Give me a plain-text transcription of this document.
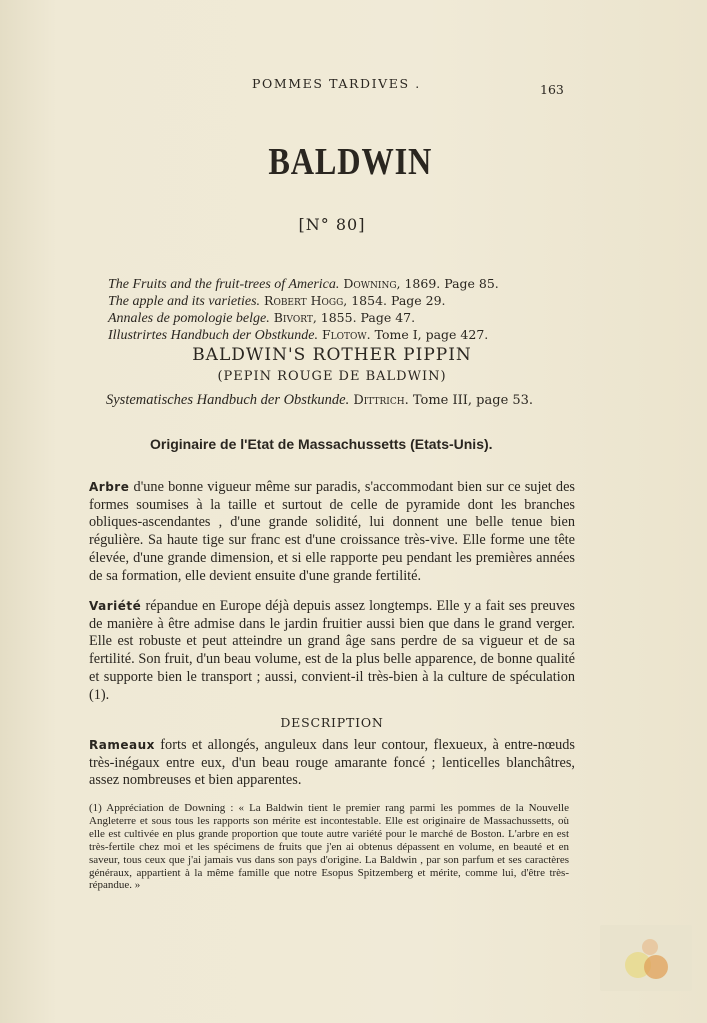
POMMES TARDIVES .	163
BALDWIN
[N° 80]
The Fruits and the fruit-trees of America. Downing, 1869. Page 85.
The apple and its varieties. Robert Hogg, 1854. Page 29.
Annales de pomologie belge. Bivort, 1855. Page 47.
Illustrirtes Handbuch der Obstkunde. Flotow. Tome I, page 427.
BALDWIN'S ROTHER PIPPIN
(PEPIN ROUGE DE BALDWIN)
Systematisches Handbuch der Obstkunde. Dittrich. Tome III, page 53.
Originaire de l'Etat de Massachussetts (Etats-Unis).
Arbre d'une bonne vigueur même sur paradis, s'accommodant bien sur ce sujet des formes soumises à la taille et surtout de celle de pyramide dont les branches obliques-ascendantes , d'une grande solidité, lui donnent une belle tenue bien régulière. Sa haute tige sur franc est d'une croissance très-vive. Elle forme une tête élevée, d'une grande dimension, et si elle rapporte peu pendant les premières années de sa formation, elle devient ensuite d'une grande fertilité.
Variété répandue en Europe déjà depuis assez longtemps. Elle y a fait ses preuves de manière à être admise dans le jardin fruitier aussi bien que dans le grand verger. Elle est robuste et peut atteindre un grand âge sans perdre de sa vigueur et de sa fertilité. Son fruit, d'un beau volume, est de la plus belle apparence, de bonne qualité et supporte bien le transport ; aussi, convient-il très-bien à la culture de spéculation (1).
DESCRIPTION
Rameaux forts et allongés, anguleux dans leur contour, flexueux, à entre-nœuds très-inégaux entre eux, d'un beau rouge amarante foncé ; lenticelles blanchâtres, assez nombreuses et bien apparentes.
(1) Appréciation de Downing : « La Baldwin tient le premier rang parmi les pommes de la Nouvelle Angleterre et sous tous les rapports son mérite est incontestable. Elle est originaire de Massachussetts, où elle est cultivée en plus grande proportion que toute autre variété pour le marché de Boston. L'arbre en est très-fertile chez moi et les spécimens de fruits que j'en ai obtenus dépassent en volume, en beauté et en saveur, tous ceux que j'ai jamais vus dans son pays d'origine. La Baldwin , par son parfum et ses caractères généraux, appartient à la même famille que notre Esopus Spitzemberg et mérite, comme lui, d'être très-répandue. »
